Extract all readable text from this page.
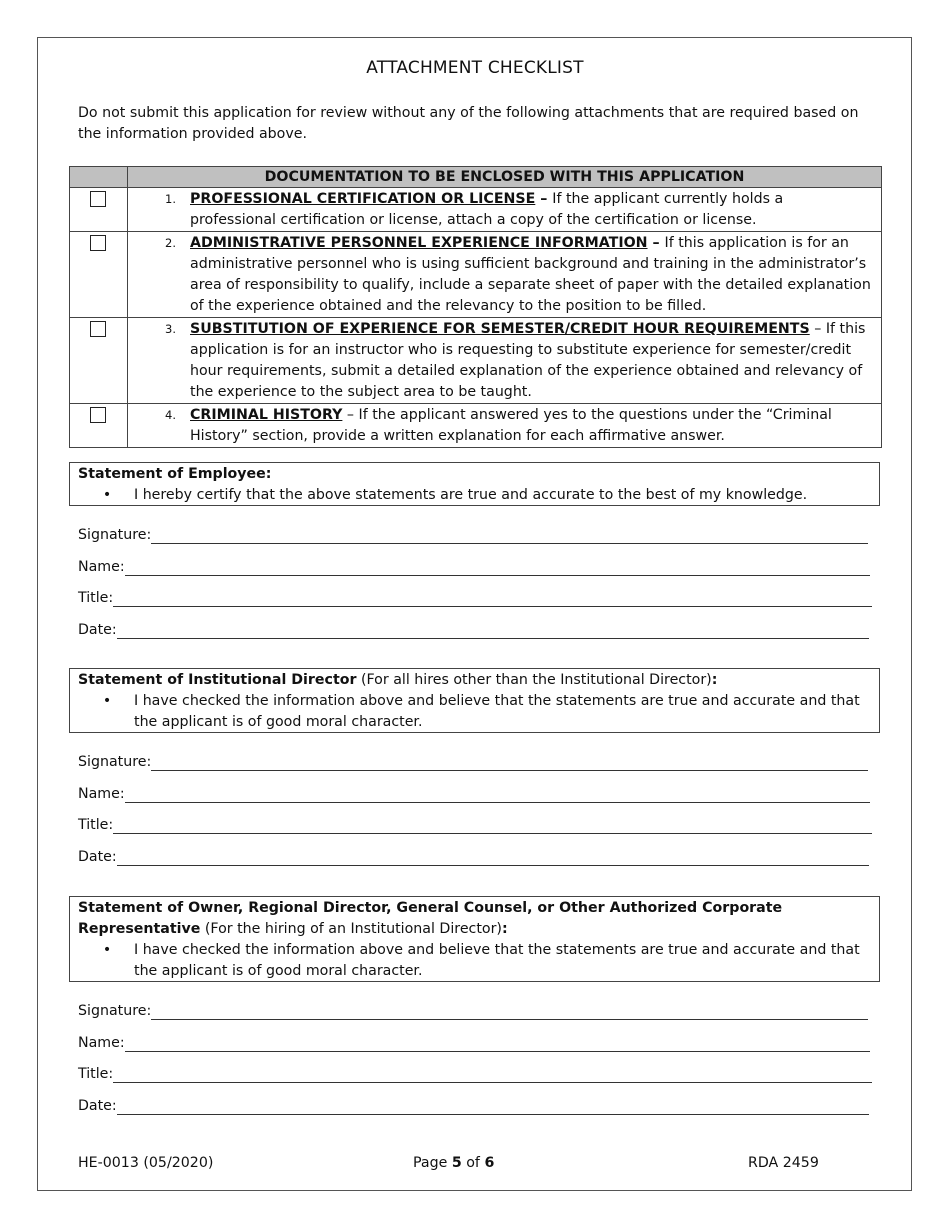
ATTACHMENT CHECKLIST
Do not submit this application for review without any of the following attachments that are required based on the information provided above.
	DOCUMENTATION TO BE ENCLOSED WITH THIS APPLICATION

	1. PROFESSIONAL CERTIFICATION OR LICENSE – If the applicant currently holds a professional certification or license, attach a copy of the certification or license.

	2. ADMINISTRATIVE PERSONNEL EXPERIENCE INFORMATION – If this application is for an administrative personnel who is using sufficient background and training in the administrator’s area of responsibility to qualify, include a separate sheet of paper with the detailed explanation of the experience obtained and the relevancy to the position to be filled.

	3. SUBSTITUTION OF EXPERIENCE FOR SEMESTER/CREDIT HOUR REQUIREMENTS – If this application is for an instructor who is requesting to substitute experience for semester/credit hour requirements, submit a detailed explanation of the experience obtained and relevancy of the experience to the subject area to be taught.

	4. CRIMINAL HISTORY – If the applicant answered yes to the questions under the “Criminal History” section, provide a written explanation for each affirmative answer.
Statement of Employee:
•	I hereby certify that the above statements are true and accurate to the best of my knowledge.
Signature:
Name:
Title:
Date:
Statement of Institutional Director (For all hires other than the Institutional Director):
•	I have checked the information above and believe that the statements are true and accurate and that the applicant is of good moral character.
Signature:
Name:
Title:
Date:
Statement of Owner, Regional Director, General Counsel, or Other Authorized Corporate Representative (For the hiring of an Institutional Director):
•	I have checked the information above and believe that the statements are true and accurate and that the applicant is of good moral character.
Signature:
Name:
Title:
Date:
HE-0013 (05/2020)	Page 5 of 6	RDA 2459
